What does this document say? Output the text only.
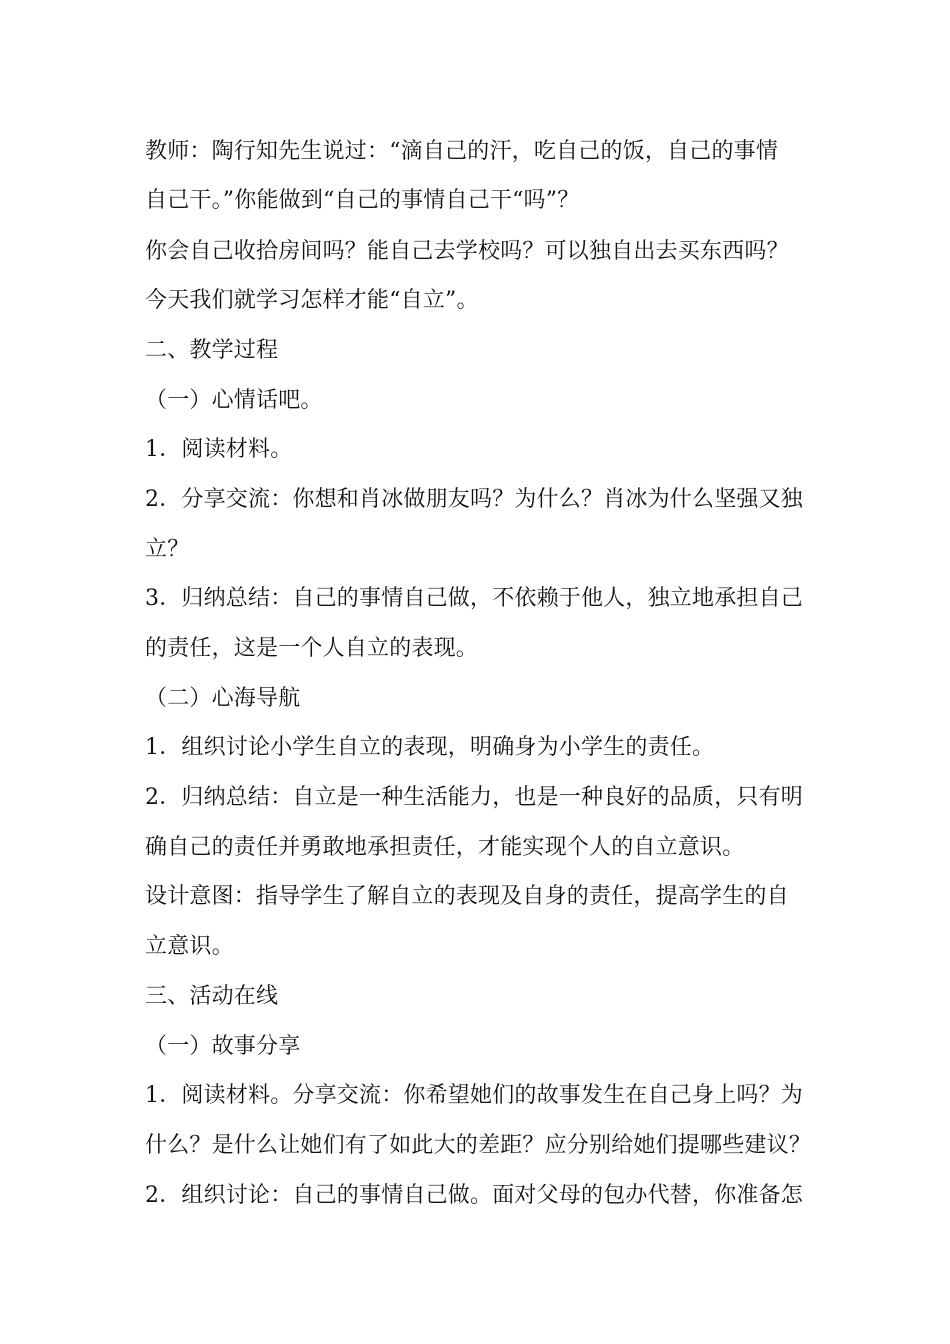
教师：陶行知先生说过：“滴自己的汗，吃自己的饭，自己的事情
自己干。”你能做到“自己的事情自己干“吗”？
你会自己收拾房间吗？能自己去学校吗？可以独自出去买东西吗？
今天我们就学习怎样才能“自立”。
二、教学过程
（一）心情话吧。
1．阅读材料。
2．分享交流：你想和肖冰做朋友吗？为什么？肖冰为什么坚强又独
立？
3．归纳总结：自己的事情自己做，不依赖于他人，独立地承担自己
的责任，这是一个人自立的表现。
（二）心海导航
1．组织讨论小学生自立的表现，明确身为小学生的责任。
2．归纳总结：自立是一种生活能力，也是一种良好的品质，只有明
确自己的责任并勇敢地承担责任，才能实现个人的自立意识。
设计意图：指导学生了解自立的表现及自身的责任，提高学生的自
立意识。
三、活动在线
（一）故事分享
1．阅读材料。分享交流：你希望她们的故事发生在自己身上吗？为
什么？是什么让她们有了如此大的差距？应分别给她们提哪些建议？
2．组织讨论：自己的事情自己做。面对父母的包办代替，你准备怎
